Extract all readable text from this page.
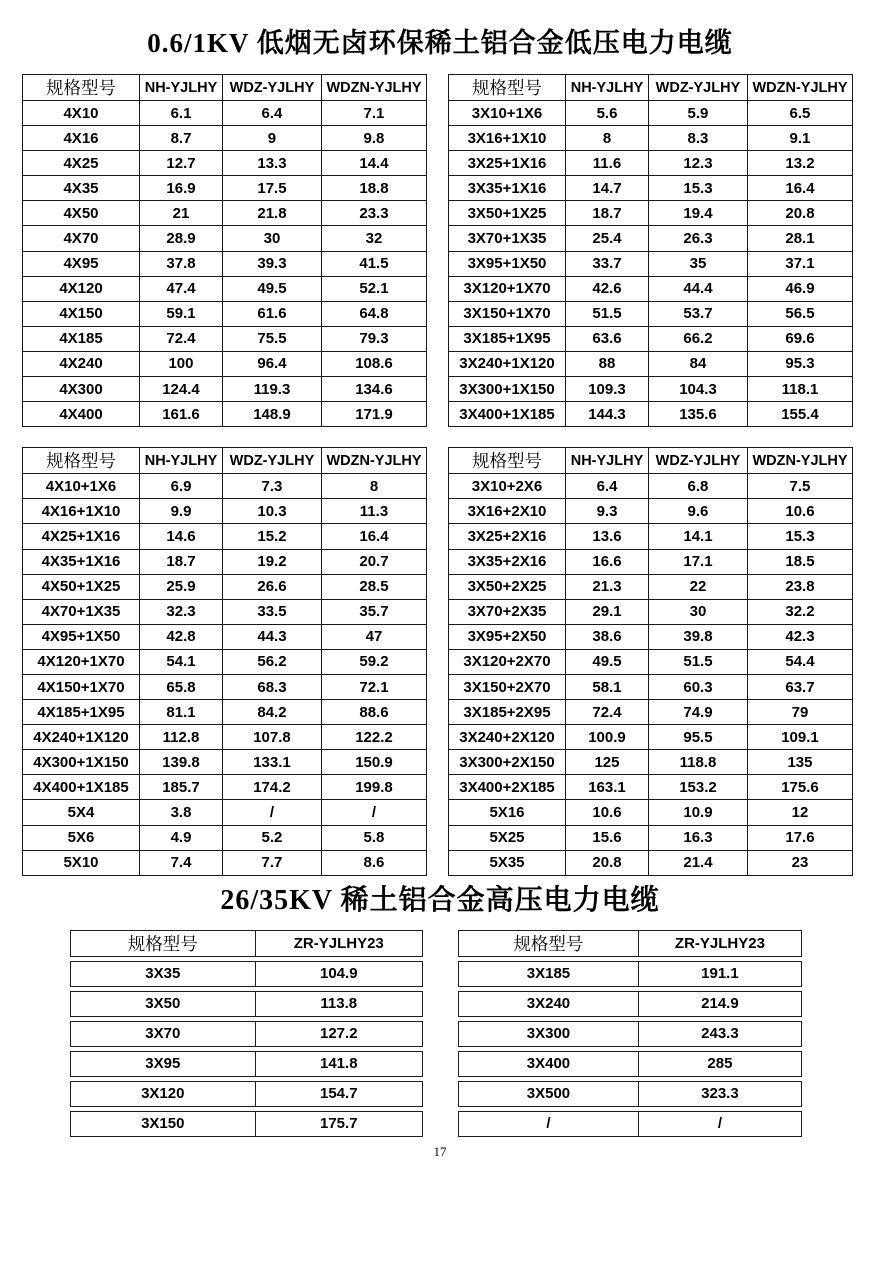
0.6/1KV 低烟无卤环保稀土铝合金低压电力电缆
规格型号	NH-YJLHY	WDZ-YJLHY	WDZN-YJLHY
4X10	6.1	6.4	7.1
4X16	8.7	9	9.8
4X25	12.7	13.3	14.4
4X35	16.9	17.5	18.8
4X50	21	21.8	23.3
4X70	28.9	30	32
4X95	37.8	39.3	41.5
4X120	47.4	49.5	52.1
4X150	59.1	61.6	64.8
4X185	72.4	75.5	79.3
4X240	100	96.4	108.6
4X300	124.4	119.3	134.6
4X400	161.6	148.9	171.9
规格型号	NH-YJLHY	WDZ-YJLHY	WDZN-YJLHY
3X10+1X6	5.6	5.9	6.5
3X16+1X10	8	8.3	9.1
3X25+1X16	11.6	12.3	13.2
3X35+1X16	14.7	15.3	16.4
3X50+1X25	18.7	19.4	20.8
3X70+1X35	25.4	26.3	28.1
3X95+1X50	33.7	35	37.1
3X120+1X70	42.6	44.4	46.9
3X150+1X70	51.5	53.7	56.5
3X185+1X95	63.6	66.2	69.6
3X240+1X120	88	84	95.3
3X300+1X150	109.3	104.3	118.1
3X400+1X185	144.3	135.6	155.4
规格型号	NH-YJLHY	WDZ-YJLHY	WDZN-YJLHY
4X10+1X6	6.9	7.3	8
4X16+1X10	9.9	10.3	11.3
4X25+1X16	14.6	15.2	16.4
4X35+1X16	18.7	19.2	20.7
4X50+1X25	25.9	26.6	28.5
4X70+1X35	32.3	33.5	35.7
4X95+1X50	42.8	44.3	47
4X120+1X70	54.1	56.2	59.2
4X150+1X70	65.8	68.3	72.1
4X185+1X95	81.1	84.2	88.6
4X240+1X120	112.8	107.8	122.2
4X300+1X150	139.8	133.1	150.9
4X400+1X185	185.7	174.2	199.8
5X4	3.8	/	/
5X6	4.9	5.2	5.8
5X10	7.4	7.7	8.6
规格型号	NH-YJLHY	WDZ-YJLHY	WDZN-YJLHY
3X10+2X6	6.4	6.8	7.5
3X16+2X10	9.3	9.6	10.6
3X25+2X16	13.6	14.1	15.3
3X35+2X16	16.6	17.1	18.5
3X50+2X25	21.3	22	23.8
3X70+2X35	29.1	30	32.2
3X95+2X50	38.6	39.8	42.3
3X120+2X70	49.5	51.5	54.4
3X150+2X70	58.1	60.3	63.7
3X185+2X95	72.4	74.9	79
3X240+2X120	100.9	95.5	109.1
3X300+2X150	125	118.8	135
3X400+2X185	163.1	153.2	175.6
5X16	10.6	10.9	12
5X25	15.6	16.3	17.6
5X35	20.8	21.4	23
26/35KV 稀土铝合金高压电力电缆
规格型号	ZR-YJLHY23
3X35	104.9
3X50	113.8
3X70	127.2
3X95	141.8
3X120	154.7
3X150	175.7
规格型号	ZR-YJLHY23
3X185	191.1
3X240	214.9
3X300	243.3
3X400	285
3X500	323.3
/	/
17
